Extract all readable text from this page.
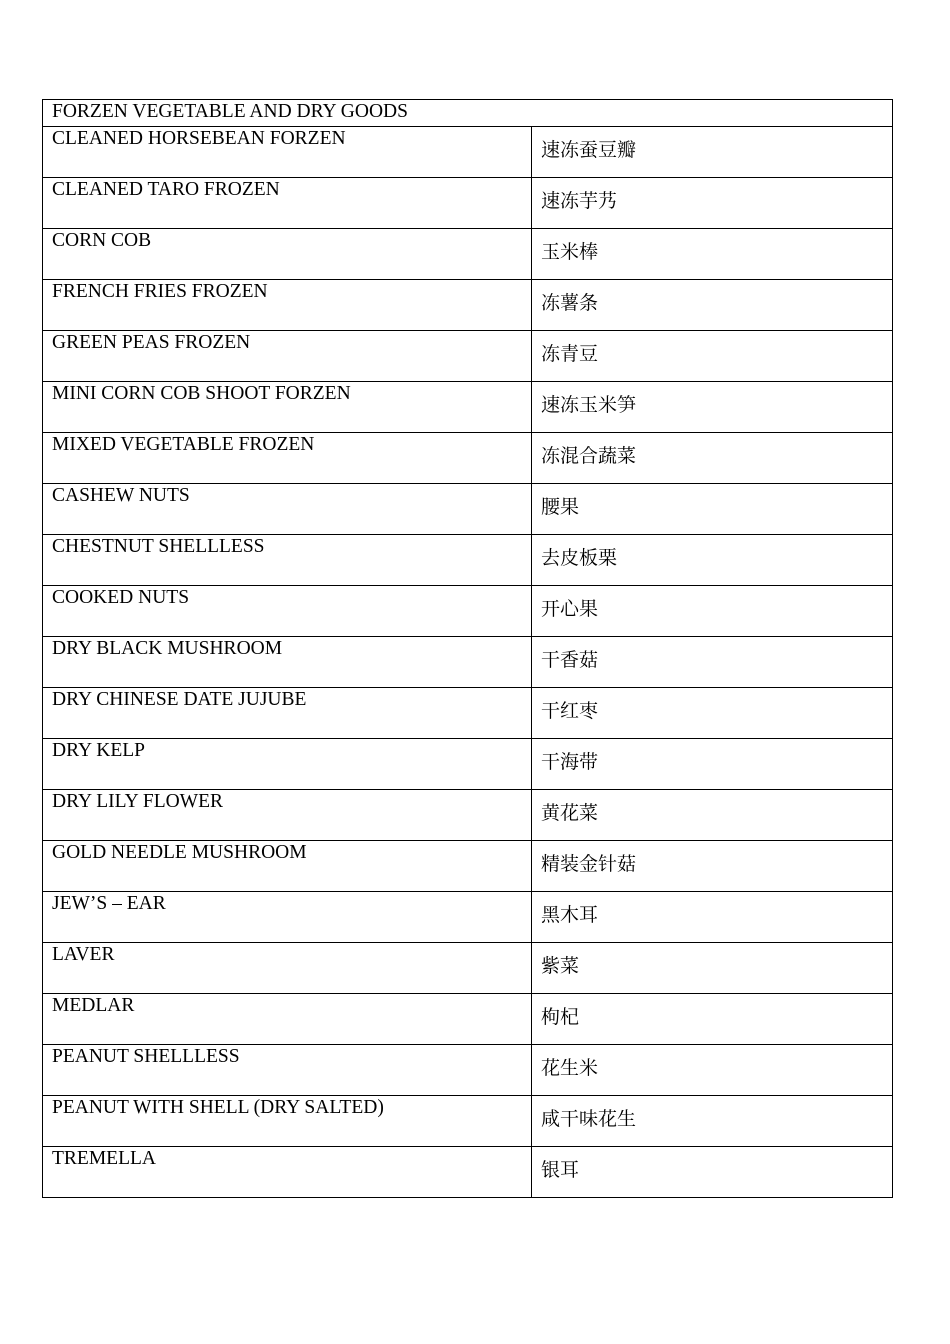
FORZEN VEGETABLE AND DRY GOODS	

CLEANED HORSEBEAN FORZEN	速冻蚕豆瓣

CLEANED TARO FROZEN	速冻芋艿

CORN COB	玉米棒

FRENCH FRIES FROZEN	冻薯条

GREEN PEAS FROZEN	冻青豆

MINI CORN COB SHOOT FORZEN	速冻玉米笋

MIXED VEGETABLE FROZEN	冻混合蔬菜

CASHEW NUTS	腰果

CHESTNUT SHELLLESS	去皮板栗

COOKED NUTS	开心果

DRY BLACK MUSHROOM	干香菇

DRY CHINESE DATE JUJUBE	干红枣

DRY KELP	干海带

DRY LILY FLOWER	黄花菜

GOLD NEEDLE MUSHROOM	精装金针菇

JEW’S – EAR	黑木耳

LAVER	紫菜

MEDLAR	枸杞

PEANUT SHELLLESS	花生米

PEANUT WITH SHELL (DRY SALTED)	咸干味花生

TREMELLA	银耳
